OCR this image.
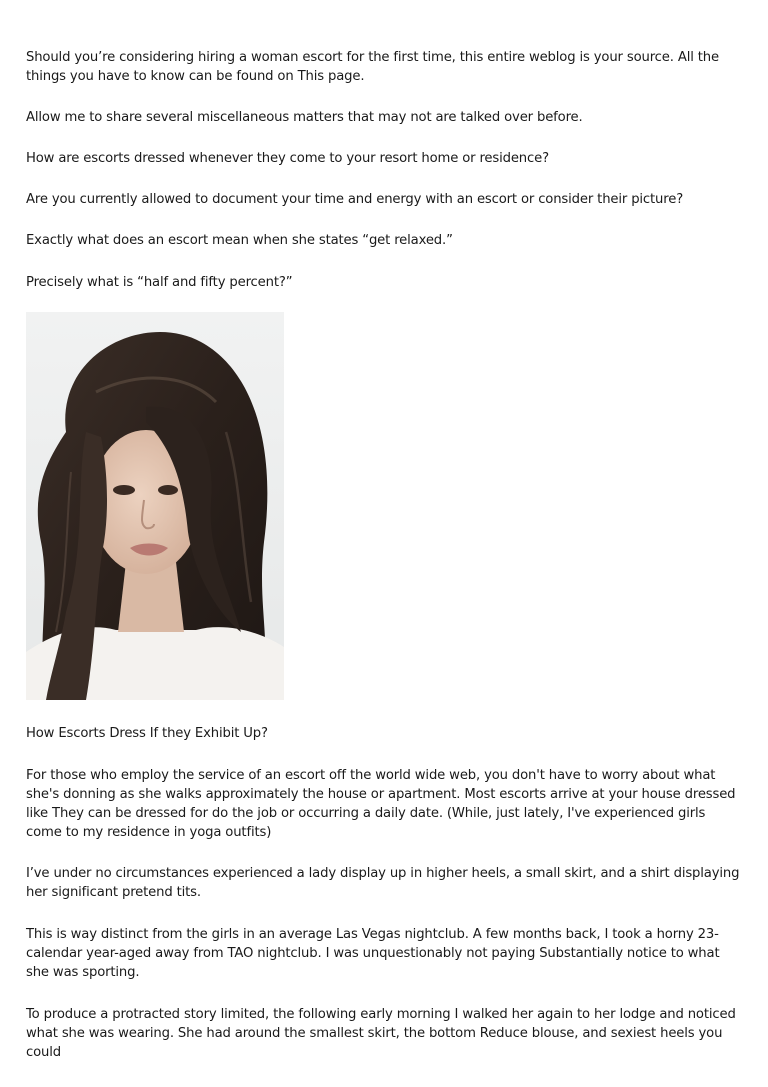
Should you’re considering hiring a woman escort for the first time, this entire weblog is your source. All the things you have to know can be found on This page.

Allow me to share several miscellaneous matters that may not are talked over before.

How are escorts dressed whenever they come to your resort home or residence?

Are you currently allowed to document your time and energy with an escort or consider their picture?

Exactly what does an escort mean when she states “get relaxed.”

Precisely what is “half and fifty percent?”

How Escorts Dress If they Exhibit Up?

For those who employ the service of an escort off the world wide web, you don't have to worry about what she's donning as she walks approximately the house or apartment. Most escorts arrive at your house dressed like They can be dressed for do the job or occurring a daily date. (While, just lately, I've experienced girls come to my residence in yoga outfits)

I’ve under no circumstances experienced a lady display up in higher heels, a small skirt, and a shirt displaying her significant pretend tits.

This is way distinct from the girls in an average Las Vegas nightclub. A few months back, I took a horny 23-calendar year-aged away from TAO nightclub. I was unquestionably not paying Substantially notice to what she was sporting.

To produce a protracted story limited, the following early morning I walked her again to her lodge and noticed what she was wearing. She had around the smallest skirt, the bottom Reduce blouse, and sexiest heels you could
